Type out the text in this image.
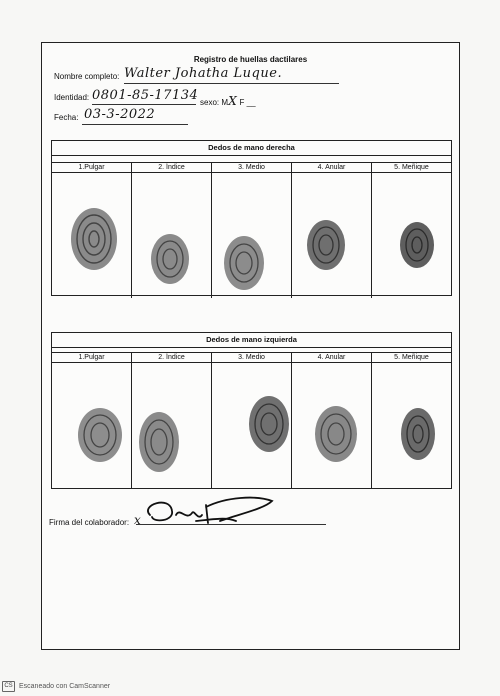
Registro de huellas dactilares
Nombre completo: Walter Johatha Luque.
Identidad: 0801-85-17134 sexo: M X F __
Fecha: 03-3-2022
Dedos de mano derecha
1.Pulgar	2. Índice	3. Medio	4. Anular	5. Meñique
Dedos de mano izquierda
1.Pulgar	2. Índice	3. Medio	4. Anular	5. Meñique
Firma del colaborador: x
CS Escaneado con CamScanner
